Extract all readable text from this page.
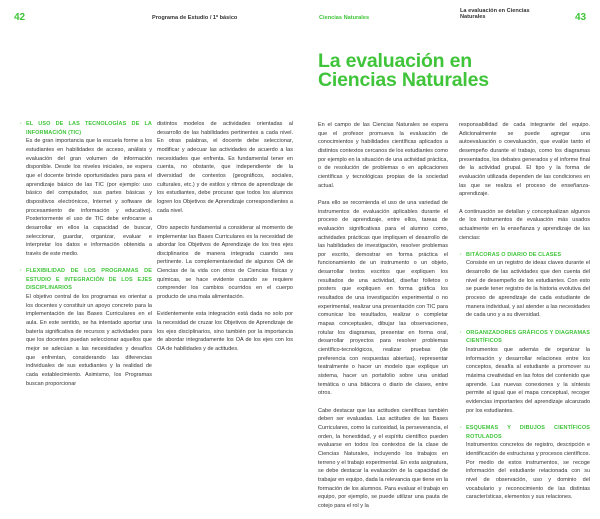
42	Programa de Estudio / 1º básico	Ciencias Naturales
La evaluación en Ciencias Naturales	43
La evaluación en Ciencias Naturales
· EL USO DE LAS TECNOLOGÍAS DE LA INFORMACIÓN (TIC)
Es de gran importancia que la escuela forme a los estudiantes en habilidades de acceso, análisis y evaluación del gran volumen de información disponible. Desde los niveles iniciales, se espera que el docente brinde oportunidades para para el aprendizaje básico de las TIC (por ejemplo: uso básico del computador, sus partes básicas y dispositivos electrónicos, Internet y software de procesamiento de información y educativo). Posteriormente el uso de TIC debe enfocarse a desarrollar en ellos la capacidad de buscar, seleccionar, guardar, organizar, evaluar e interpretar los datos e información obtenida a través de este medio.
· FLEXIBILIDAD DE LOS PROGRAMAS DE ESTUDIO E INTEGRACIÓN DE LOS EJES DISCIPLINARIOS
El objetivo central de los programas es orientar a los docentes y constituir un apoyo concreto para la implementación de las Bases Curriculares en el aula. En este sentido, se ha intentado aportar una batería significativa de recursos y actividades para que los docentes puedan seleccionar aquellos que mejor se adecúan a las necesidades y desafíos que enfrentan, considerando las diferencias individuales de sus estudiantes y la realidad de cada establecimiento. Asimismo, los Programas buscan proporcionar

distintos modelos de actividades orientadas al desarrollo de las habilidades pertinentes a cada nivel. En otras palabras, el docente debe seleccionar, modificar y adecuar las actividades de acuerdo a las necesidades que enfrenta. Es fundamental tener en cuenta, no obstante, que independiente de la diversidad de contextos (geográficos, sociales, culturales, etc.) y de estilos y ritmos de aprendizaje de los estudiantes, debe procurar que todos los alumnos logren los Objetivos de Aprendizaje correspondientes a cada nivel.

Otro aspecto fundamental a considerar al momento de implementar las Bases Curriculares es la necesidad de abordar los Objetivos de Aprendizaje de los tres ejes disciplinarios de manera integrada cuando sea pertinente. La complementariedad de algunos OA de Ciencias de la vida con otros de Ciencias físicas y químicas, se hace evidente cuando se requiere comprender los cambios ocurridos en el cuerpo producto de una mala alimentación.

Evidentemente esta integración está dada no solo por la necesidad de cruzar los Objetivos de Aprendizaje de los ejes disciplinarios, sino también por la importancia de abordar integradamente los OA de los ejes con los OA de habilidades y de actitudes.

En el campo de las Ciencias Naturales se espera que el profesor promueva la evaluación de conocimientos y habilidades científicas aplicados a distintos contextos cercanos de los estudiantes como por ejemplo en la situación de una actividad práctica, o de resolución de problemas o en aplicaciones científicas y tecnológicas propias de la sociedad actual.

Para ello se recomienda el uso de una variedad de instrumentos de evaluación aplicables durante el proceso de aprendizaje, entre ellos, tareas de evaluación significativas para el alumno como, actividades prácticas que impliquen el desarrollo de las habilidades de investigación, resolver problemas por escrito, demostrar en forma práctica el funcionamiento de un instrumento o un objeto, desarrollar textos escritos que expliquen los resultados de una actividad, diseñar folletos o posters que expliquen en forma gráfica los resultados de una investigación experimental o no experimental, realizar una presentación con TIC para comunicar los resultados, realizar o completar mapas conceptuales, dibujar las observaciones, rotular los diagramas, presentar en forma oral, desarrollar proyectos para resolver problemas científico-tecnológicos, realizar pruebas (de preferencia con respuestas abiertas), representar teatralmente o hacer un modelo que explique un sistema, hacer un portafolio sobre una unidad temática o una bitácora o diario de clases, entre otros.

Cabe destacar que las actitudes científicas también deben ser evaluadas. Las actitudes de las Bases Curriculares, como la curiosidad, la perseverancia, el orden, la honestidad, y el espíritu científico pueden evaluarse en todos los contextos de la clase de Ciencias Naturales, incluyendo los trabajos en terreno y el trabajo experimental. En esta asignatura, se debe destacar la evaluación de la capacidad de trabajar en equipo, dada la relevancia que tiene en la formación de los alumnos. Para evaluar el trabajo en equipo, por ejemplo, se puede utilizar una pauta de cotejo para el rol y la

responsabilidad de cada integrante del equipo. Adicionalmente se puede agregar una autoevaluación o coevaluación, que evalúe tanto el desempeño durante el trabajo, como los diagramas presentados, los debates generados y el informe final de la actividad grupal. El tipo y la forma de evaluación utilizada dependen de las condiciones en las que se realiza el proceso de enseñanza-aprendizaje.

A continuación se detallan y conceptualizan algunos de los instrumentos de evaluación más usados actualmente en la enseñanza y aprendizaje de las ciencias:

· BITÁCORAS O DIARIO DE CLASES
Consiste en un registro de ideas claves durante el desarrollo de las actividades que den cuenta del nivel de desempeño de los estudiantes. Con esto se puede tener registro de la historia evolutiva del proceso de aprendizaje de cada estudiante de manera individual, y así atender a las necesidades de cada uno y a su diversidad.
· ORGANIZADORES GRÁFICOS Y DIAGRAMAS CIENTÍFICOS
Instrumentos que además de organizar la información y desarrollar relaciones entre los conceptos, desafía al estudiante a promover su máxima creatividad en las fotos del contenido que aprende. Las nuevas conexiones y la síntesis permite al igual que el mapa conceptual, recoger evidencias importantes del aprendizaje alcanzado por los estudiantes.
· ESQUEMAS Y DIBUJOS CIENTÍFICOS ROTULADOS
Instrumentos concretos de registro, descripción e identificación de estructuras y procesos científicos. Por medio de estos instrumentos, se recoge información del estudiante relacionada con su nivel de observación, uso y dominio del vocabulario y reconocimiento de las distintas características, elementos y sus relaciones.
